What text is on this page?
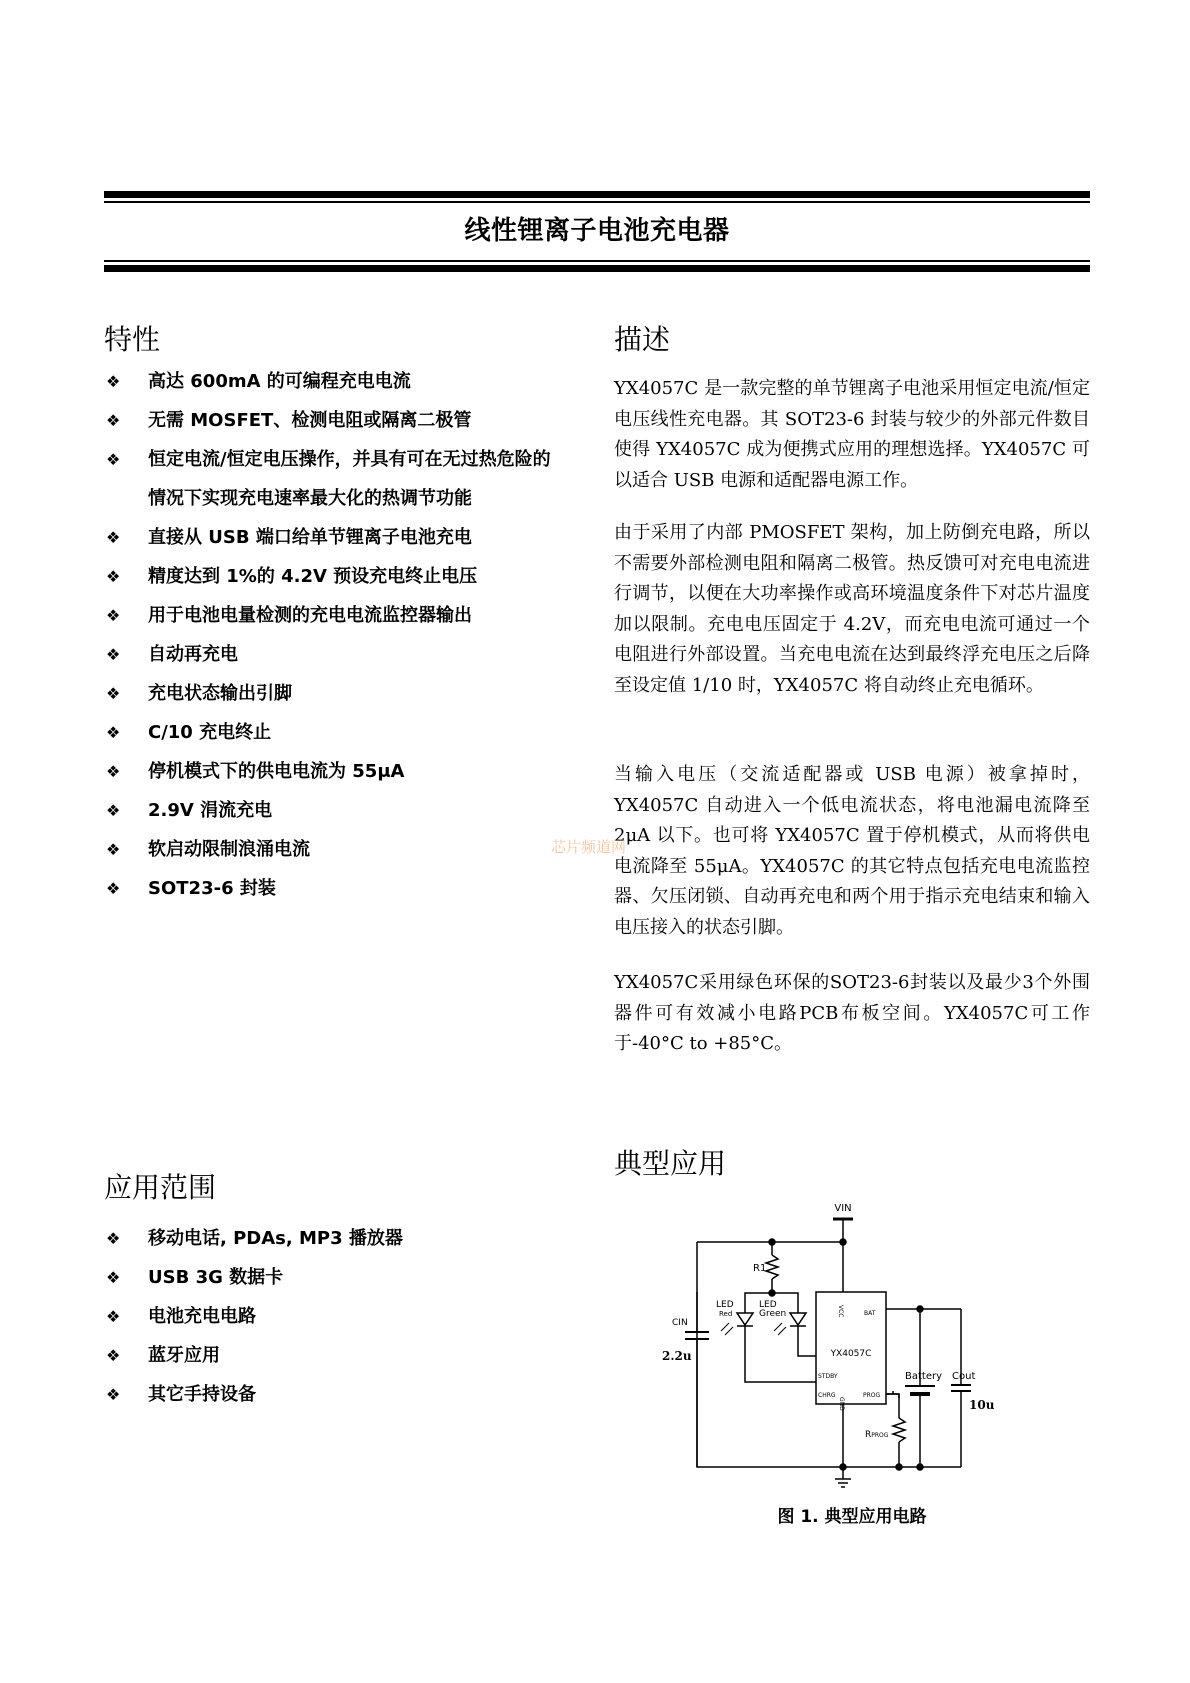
线性锂离子电池充电器
特性
❖ 高达 600mA 的可编程充电电流
❖ 无需 MOSFET、检测电阻或隔离二极管
❖ 恒定电流/恒定电压操作，并具有可在无过热危险的
情况下实现充电速率最大化的热调节功能
❖ 直接从 USB 端口给单节锂离子电池充电
❖ 精度达到 1%的 4.2V 预设充电终止电压
❖ 用于电池电量检测的充电电流监控器输出
❖ 自动再充电
❖ 充电状态输出引脚
❖ C/10 充电终止
❖ 停机模式下的供电电流为 55μA
❖ 2.9V 涓流充电
❖ 软启动限制浪涌电流
❖ SOT23-6 封装
描述

YX4057C 是一款完整的单节锂离子电池采用恒定电流/恒定电压线性充电器。其 SOT23-6 封装与较少的外部元件数目使得 YX4057C 成为便携式应用的理想选择。YX4057C 可以适合 USB 电源和适配器电源工作。

由于采用了内部 PMOSFET 架构，加上防倒充电路，所以不需要外部检测电阻和隔离二极管。热反馈可对充电电流进行调节，以便在大功率操作或高环境温度条件下对芯片温度加以限制。充电电压固定于 4.2V，而充电电流可通过一个电阻进行外部设置。当充电电流在达到最终浮充电压之后降至设定值 1/10 时，YX4057C 将自动终止充电循环。

当输入电压（交流适配器或 USB 电源）被拿掉时，YX4057C 自动进入一个低电流状态，将电池漏电流降至 2μA 以下。也可将 YX4057C 置于停机模式，从而将供电电流降至 55μA。YX4057C 的其它特点包括充电电流监控器、欠压闭锁、自动再充电和两个用于指示充电结束和输入电压接入的状态引脚。

YX4057C采用绿色环保的SOT23-6封装以及最少3个外围器件可有效减小电路PCB布板空间。YX4057C可工作于-40°C to +85°C。

芯片频道网
应用范围
❖ 移动电话, PDAs, MP3 播放器
❖ USB 3G 数据卡
❖ 电池充电电路
❖ 蓝牙应用
❖ 其它手持设备
典型应用
VIN
R1
LED
Red
LED
Green
CIN
2.2u	YX4057C
VCC	BAT
STDBY
CHRG	PROG
GND
Battery Cout
10u
RPROG
图 1. 典型应用电路
